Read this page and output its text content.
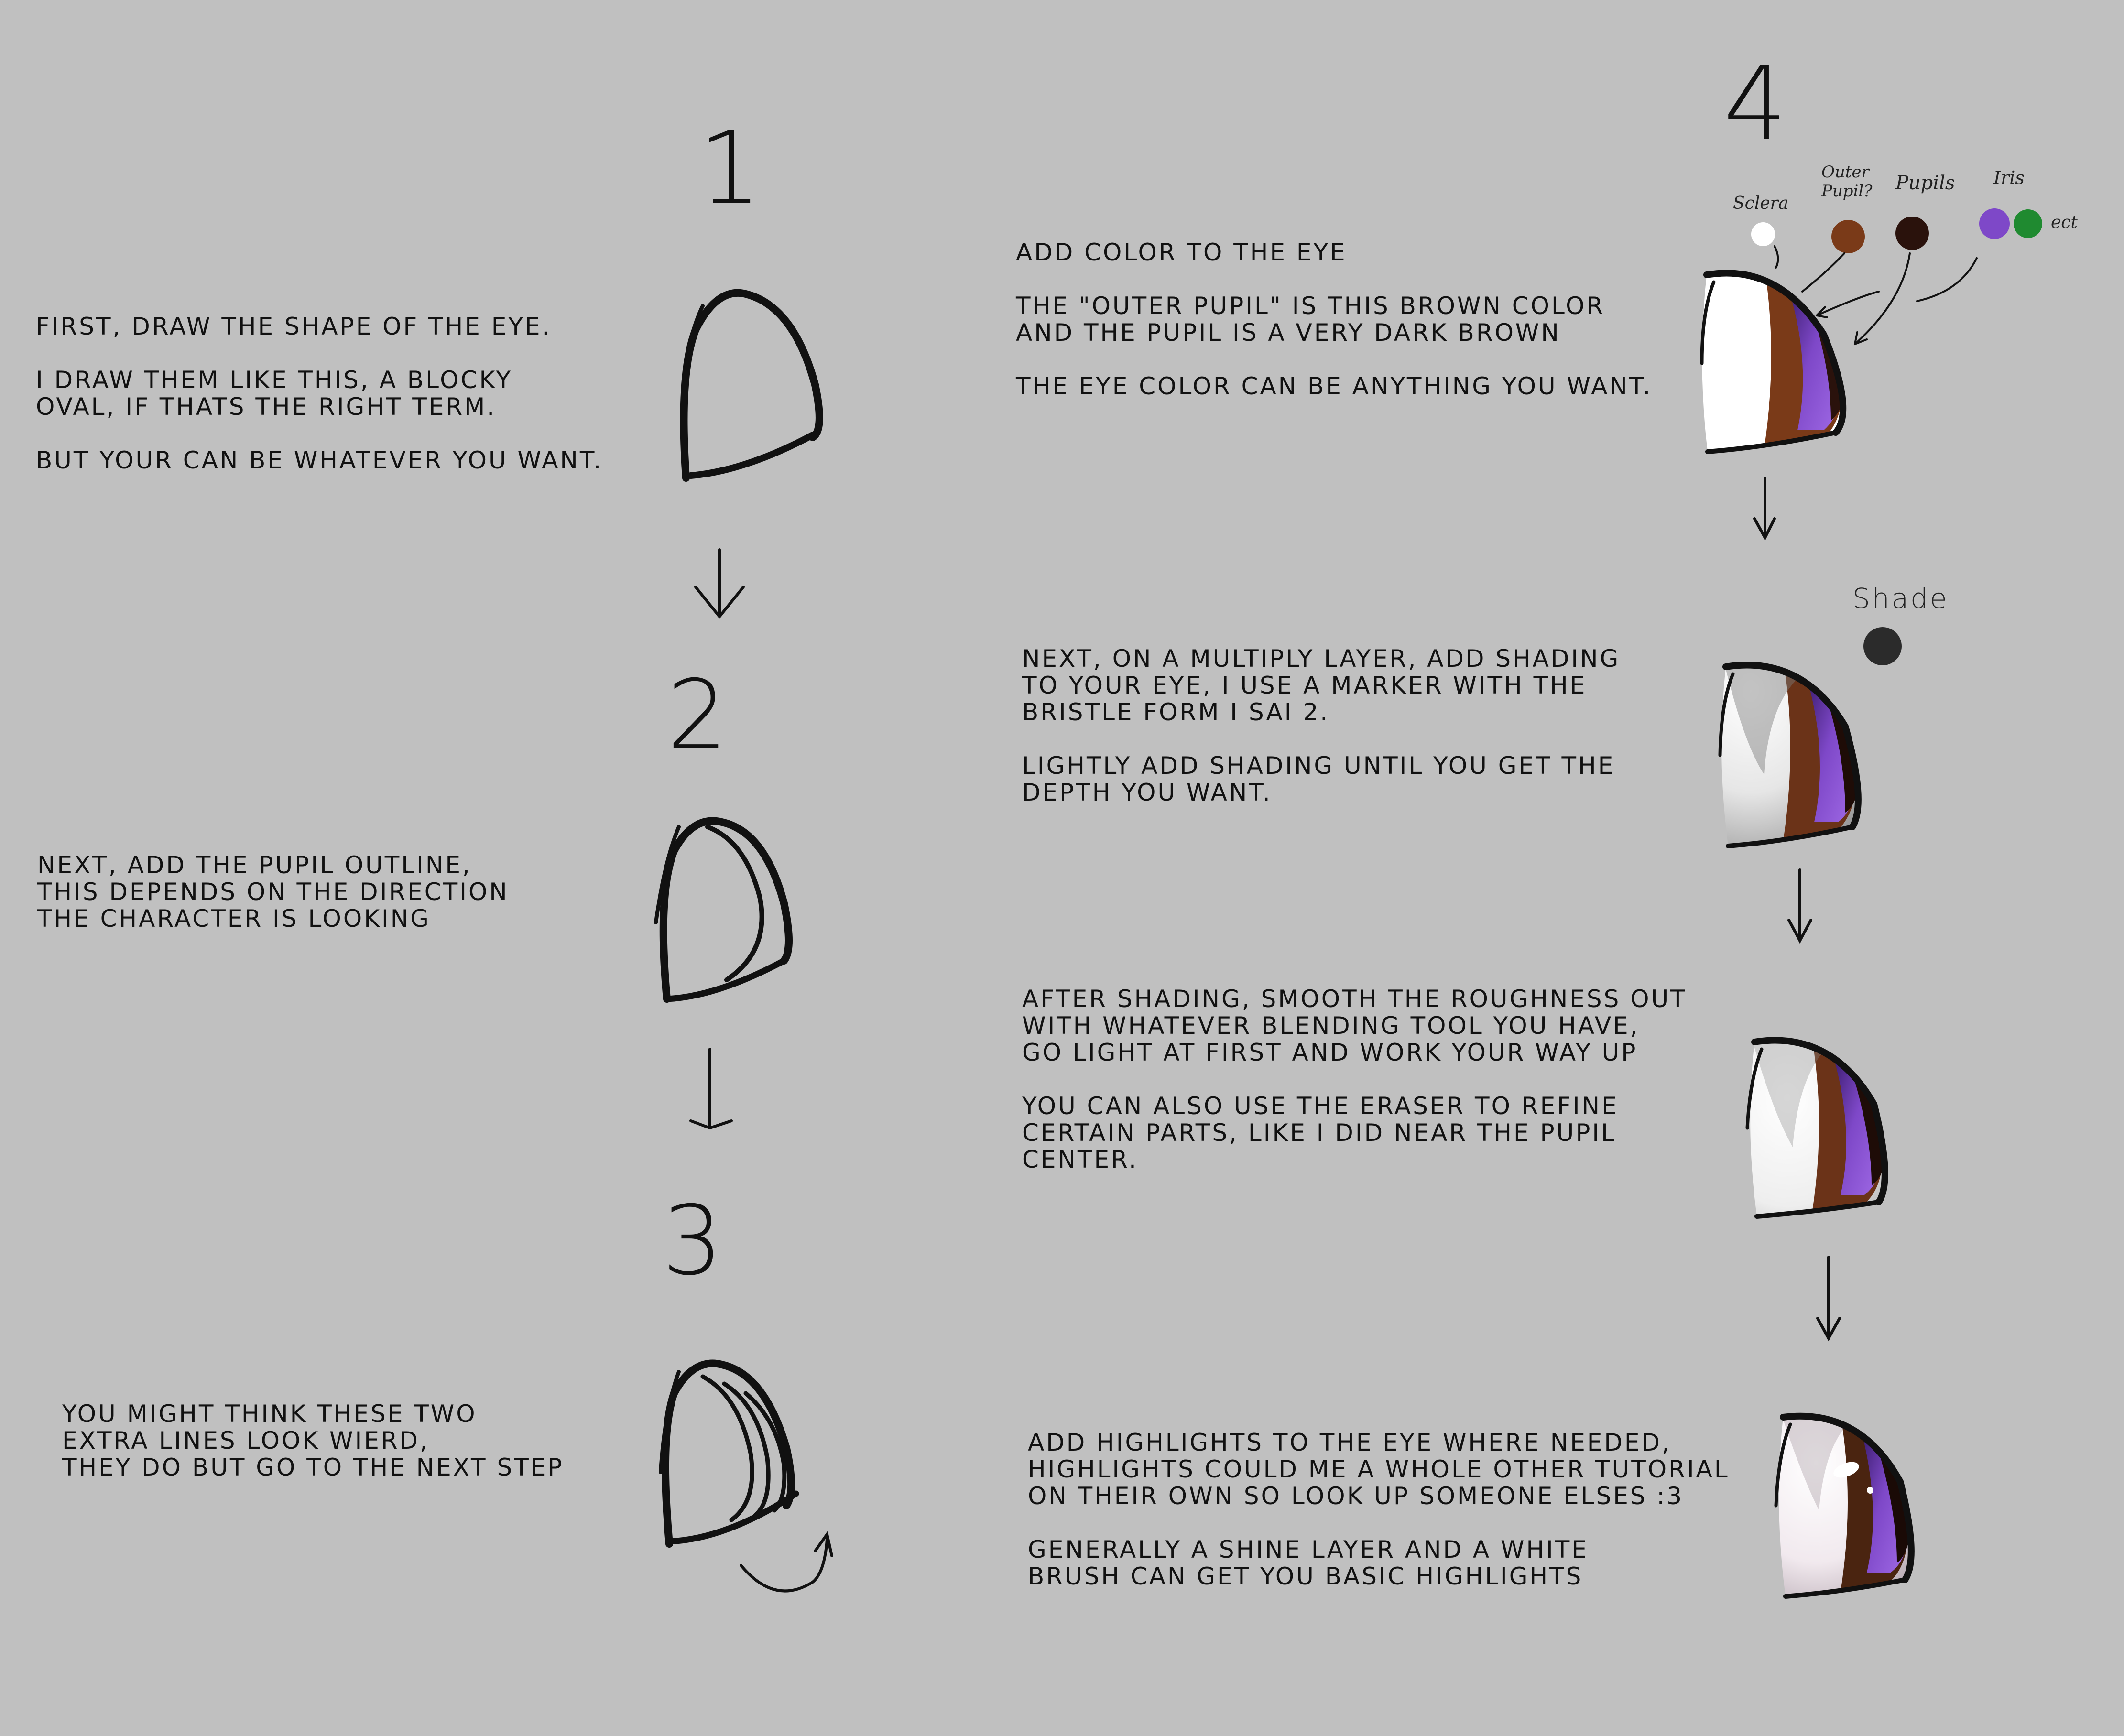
1
2
3
4

FIRST, DRAW THE SHAPE OF THE EYE.

I DRAW THEM LIKE THIS, A BLOCKY
OVAL, IF THATS THE RIGHT TERM.

BUT YOUR CAN BE WHATEVER YOU WANT.

NEXT, ADD THE PUPIL OUTLINE,
THIS DEPENDS ON THE DIRECTION
THE CHARACTER IS LOOKING

YOU MIGHT THINK THESE TWO
EXTRA LINES LOOK WIERD,
THEY DO BUT GO TO THE NEXT STEP

ADD COLOR TO THE EYE

THE "OUTER PUPIL" IS THIS BROWN COLOR
AND THE PUPIL IS A VERY DARK BROWN

THE EYE COLOR CAN BE ANYTHING YOU WANT.

NEXT, ON A MULTIPLY LAYER, ADD SHADING
TO YOUR EYE, I USE A MARKER WITH THE
BRISTLE FORM I SAI 2.

LIGHTLY ADD SHADING UNTIL YOU GET THE
DEPTH YOU WANT.

AFTER SHADING, SMOOTH THE ROUGHNESS OUT
WITH WHATEVER BLENDING TOOL YOU HAVE,
GO LIGHT AT FIRST AND WORK YOUR WAY UP

YOU CAN ALSO USE THE ERASER TO REFINE
CERTAIN PARTS, LIKE I DID NEAR THE PUPIL
CENTER.

ADD HIGHLIGHTS TO THE EYE WHERE NEEDED,
HIGHLIGHTS COULD ME A WHOLE OTHER TUTORIAL
ON THEIR OWN SO LOOK UP SOMEONE ELSES :3

GENERALLY A SHINE LAYER AND A WHITE
BRUSH CAN GET YOU BASIC HIGHLIGHTS

Sclera
Outer
Pupil? Pupils Iris
ect
Shade
